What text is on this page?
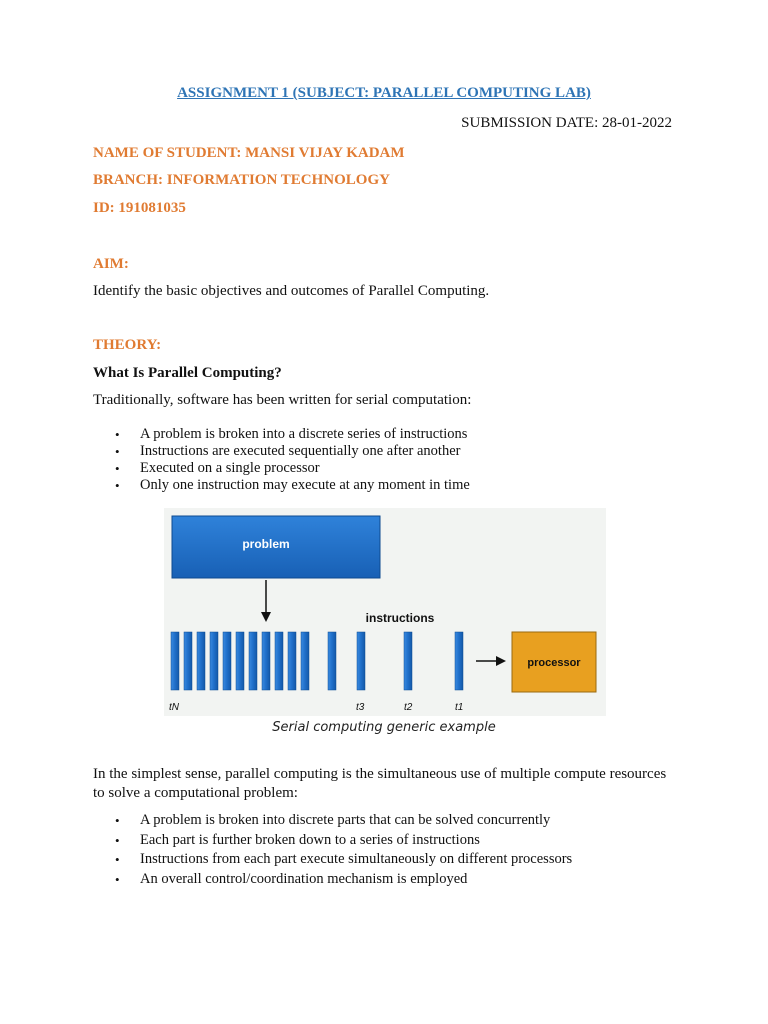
ASSIGNMENT 1 (SUBJECT: PARALLEL COMPUTING LAB)
SUBMISSION DATE: 28-01-2022
NAME OF STUDENT: MANSI VIJAY KADAM
BRANCH: INFORMATION TECHNOLOGY
ID: 191081035
AIM:
Identify the basic objectives and outcomes of Parallel Computing.
THEORY:
What Is Parallel Computing?
Traditionally, software has been written for serial computation:
• A problem is broken into a discrete series of instructions
• Instructions are executed sequentially one after another
• Executed on a single processor
• Only one instruction may execute at any moment in time
problem
instructions
processor
tN	t3	t2	t1
Serial computing generic example
In the simplest sense, parallel computing is the simultaneous use of multiple compute resources
to solve a computational problem:
• A problem is broken into discrete parts that can be solved concurrently
• Each part is further broken down to a series of instructions
• Instructions from each part execute simultaneously on different processors
• An overall control/coordination mechanism is employed
